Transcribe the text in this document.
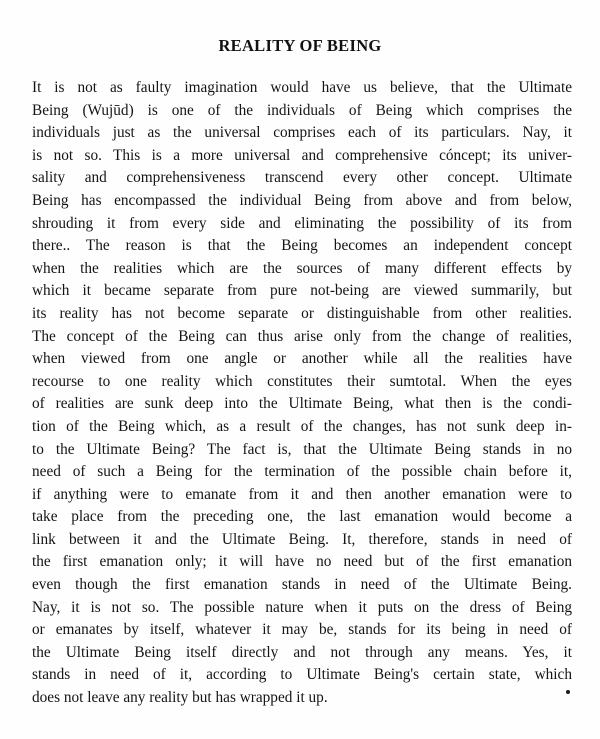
REALITY OF BEING
It is not as faulty imagination would have us believe, that the Ultimate
Being (Wujūd) is one of the individuals of Being which comprises the
individuals just as the universal comprises each of its particulars. Nay, it
is not so. This is a more universal and comprehensive cóncept; its univer-
sality and comprehensiveness transcend every other concept. Ultimate
Being has encompassed the individual Being from above and from below,
shrouding it from every side and eliminating the possibility of its from
there.. The reason is that the Being becomes an independent concept
when the realities which are the sources of many different effects by
which it became separate from pure not-being are viewed summarily, but
its reality has not become separate or distinguishable from other realities.
The concept of the Being can thus arise only from the change of realities,
when viewed from one angle or another while all the realities have
recourse to one reality which constitutes their sumtotal. When the eyes
of realities are sunk deep into the Ultimate Being, what then is the condi-
tion of the Being which, as a result of the changes, has not sunk deep in-
to the Ultimate Being? The fact is, that the Ultimate Being stands in no
need of such a Being for the termination of the possible chain before it,
if anything were to emanate from it and then another emanation were to
take place from the preceding one, the last emanation would become a
link between it and the Ultimate Being. It, therefore, stands in need of
the first emanation only; it will have no need but of the first emanation
even though the first emanation stands in need of the Ultimate Being.
Nay, it is not so. The possible nature when it puts on the dress of Being
or emanates by itself, whatever it may be, stands for its being in need of
the Ultimate Being itself directly and not through any means. Yes, it
stands in need of it, according to Ultimate Being's certain state, which
does not leave any reality but has wrapped it up.
